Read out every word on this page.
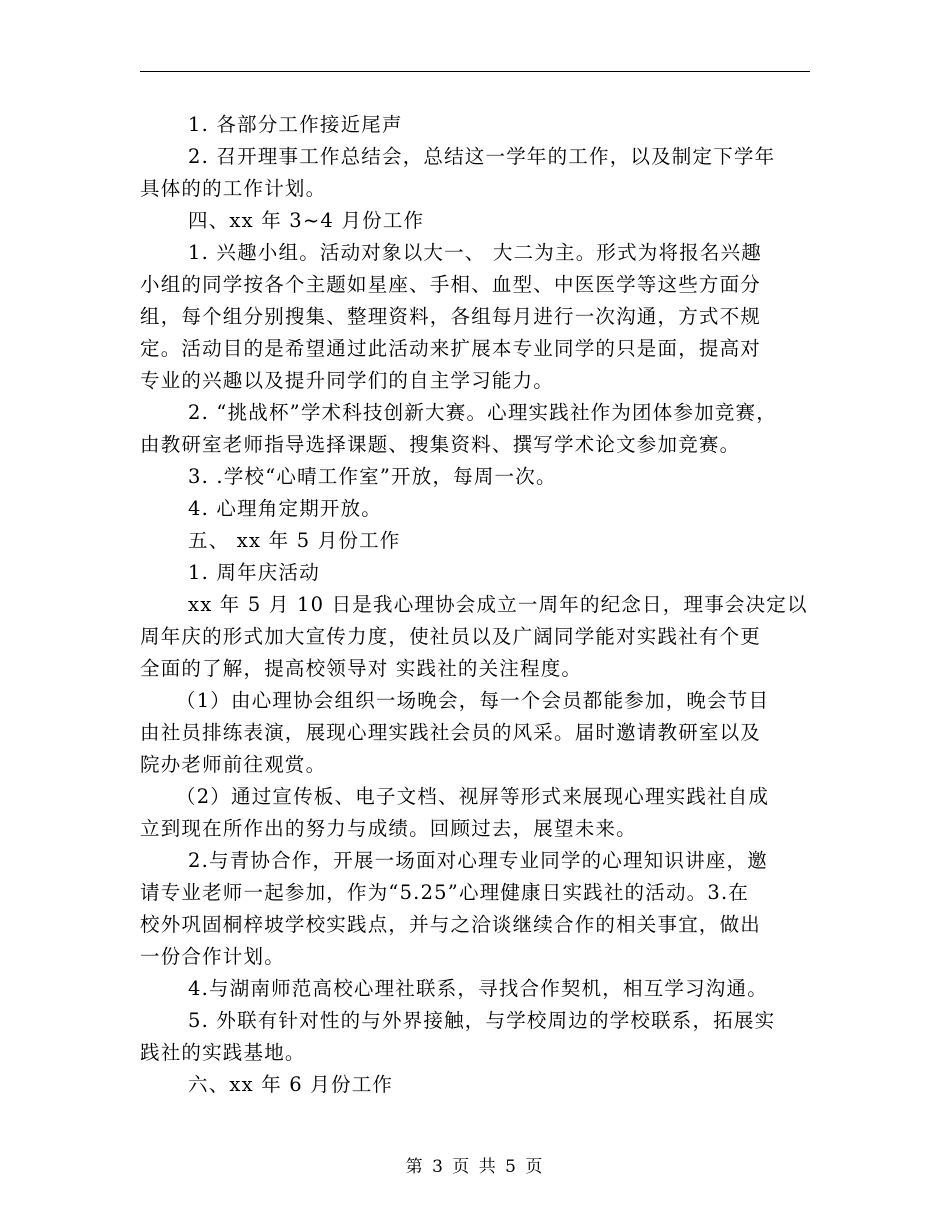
1. 各部分工作接近尾声
2. 召开理事工作总结会，总结这一学年的工作，以及制定下学年
具体的的工作计划。
四、xx 年 3~4 月份工作
1. 兴趣小组。活动对象以大一、 大二为主。形式为将报名兴趣
小组的同学按各个主题如星座、手相、血型、中医医学等这些方面分
组，每个组分别搜集、整理资料，各组每月进行一次沟通，方式不规
定。活动目的是希望通过此活动来扩展本专业同学的只是面，提高对
专业的兴趣以及提升同学们的自主学习能力。
2. “挑战杯”学术科技创新大赛。心理实践社作为团体参加竞赛，
由教研室老师指导选择课题、搜集资料、撰写学术论文参加竞赛。
3. .学校“心晴工作室”开放，每周一次。
4. 心理角定期开放。
五、 xx 年 5 月份工作
1. 周年庆活动
xx 年 5 月 10 日是我心理协会成立一周年的纪念日，理事会决定以
周年庆的形式加大宣传力度，使社员以及广阔同学能对实践社有个更
全面的了解，提高校领导对 实践社的关注程度。
（1）由心理协会组织一场晚会，每一个会员都能参加，晚会节目
由社员排练表演，展现心理实践社会员的风采。届时邀请教研室以及
院办老师前往观赏。
（2）通过宣传板、电子文档、视屏等形式来展现心理实践社自成
立到现在所作出的努力与成绩。回顾过去，展望未来。
2.与青协合作，开展一场面对心理专业同学的心理知识讲座，邀
请专业老师一起参加，作为“5.25”心理健康日实践社的活动。3.在
校外巩固桐梓坡学校实践点，并与之洽谈继续合作的相关事宜，做出
一份合作计划。
4.与湖南师范高校心理社联系，寻找合作契机，相互学习沟通。
5. 外联有针对性的与外界接触，与学校周边的学校联系，拓展实
践社的实践基地。
六、xx 年 6 月份工作
第 3 页 共 5 页
